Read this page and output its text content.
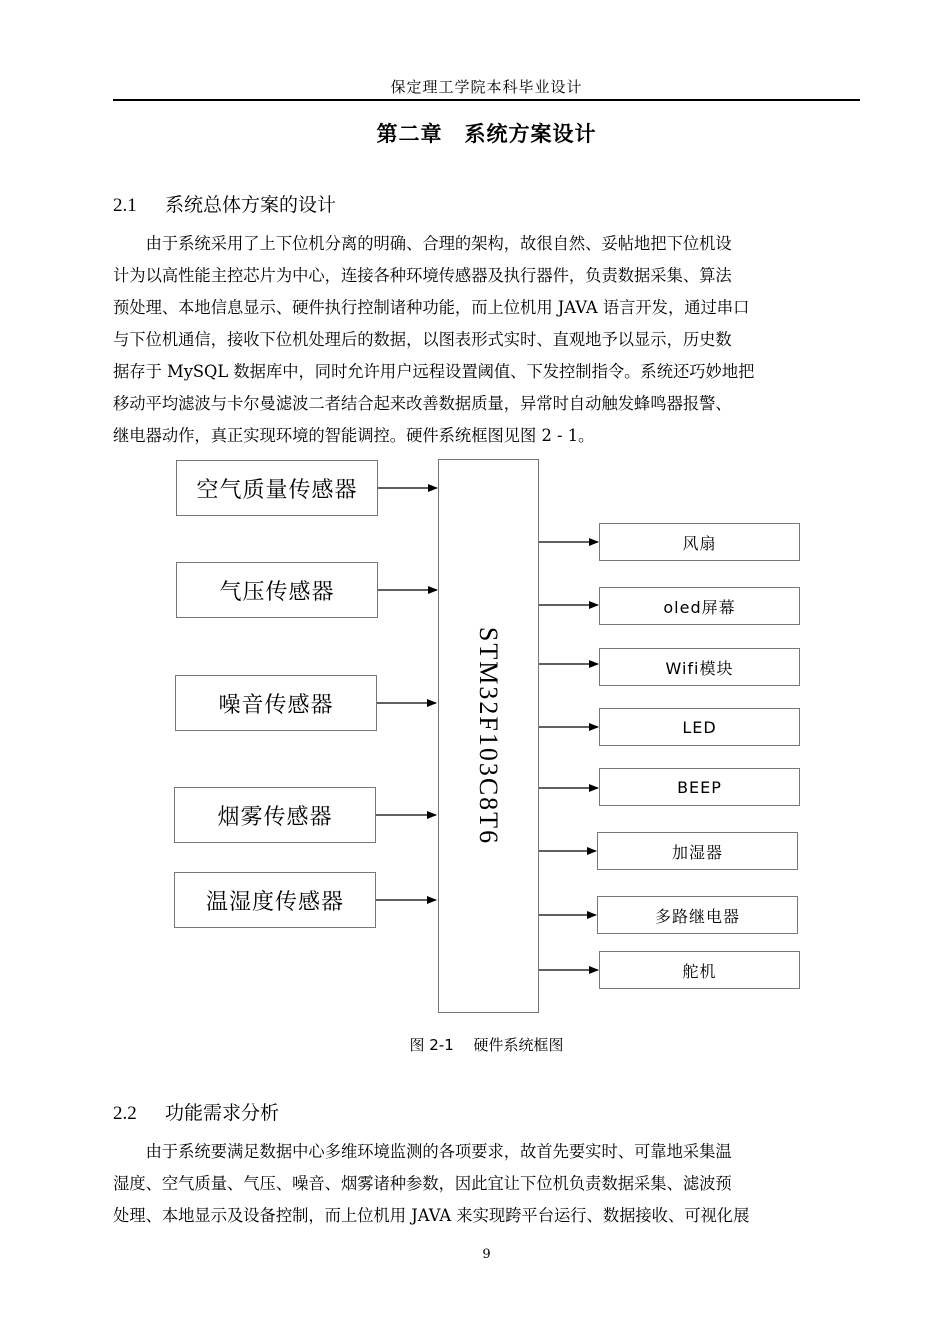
保定理工学院本科毕业设计
第二章　系统方案设计
2.1 系统总体方案的设计
　　由于系统采用了上下位机分离的明确、合理的架构，故很自然、妥帖地把下位机设
计为以高性能主控芯片为中心，连接各种环境传感器及执行器件，负责数据采集、算法
预处理、本地信息显示、硬件执行控制诸种功能，而上位机用 JAVA 语言开发，通过串口
与下位机通信，接收下位机处理后的数据，以图表形式实时、直观地予以显示，历史数
据存于 MySQL 数据库中，同时允许用户远程设置阈值、下发控制指令。系统还巧妙地把
移动平均滤波与卡尔曼滤波二者结合起来改善数据质量，异常时自动触发蜂鸣器报警、
继电器动作，真正实现环境的智能调控。硬件系统框图见图 2 - 1。
STM32F103C8T6
空气质量传感器
气压传感器
噪音传感器
烟雾传感器
温湿度传感器
风扇
oled屏幕
Wifi模块
LED
BEEP
加湿器
多路继电器
舵机
图 2-1　 硬件系统框图
2.2 功能需求分析
　　由于系统要满足数据中心多维环境监测的各项要求，故首先要实时、可靠地采集温
湿度、空气质量、气压、噪音、烟雾诸种参数，因此宜让下位机负责数据采集、滤波预
处理、本地显示及设备控制，而上位机用 JAVA 来实现跨平台运行、数据接收、可视化展
9
